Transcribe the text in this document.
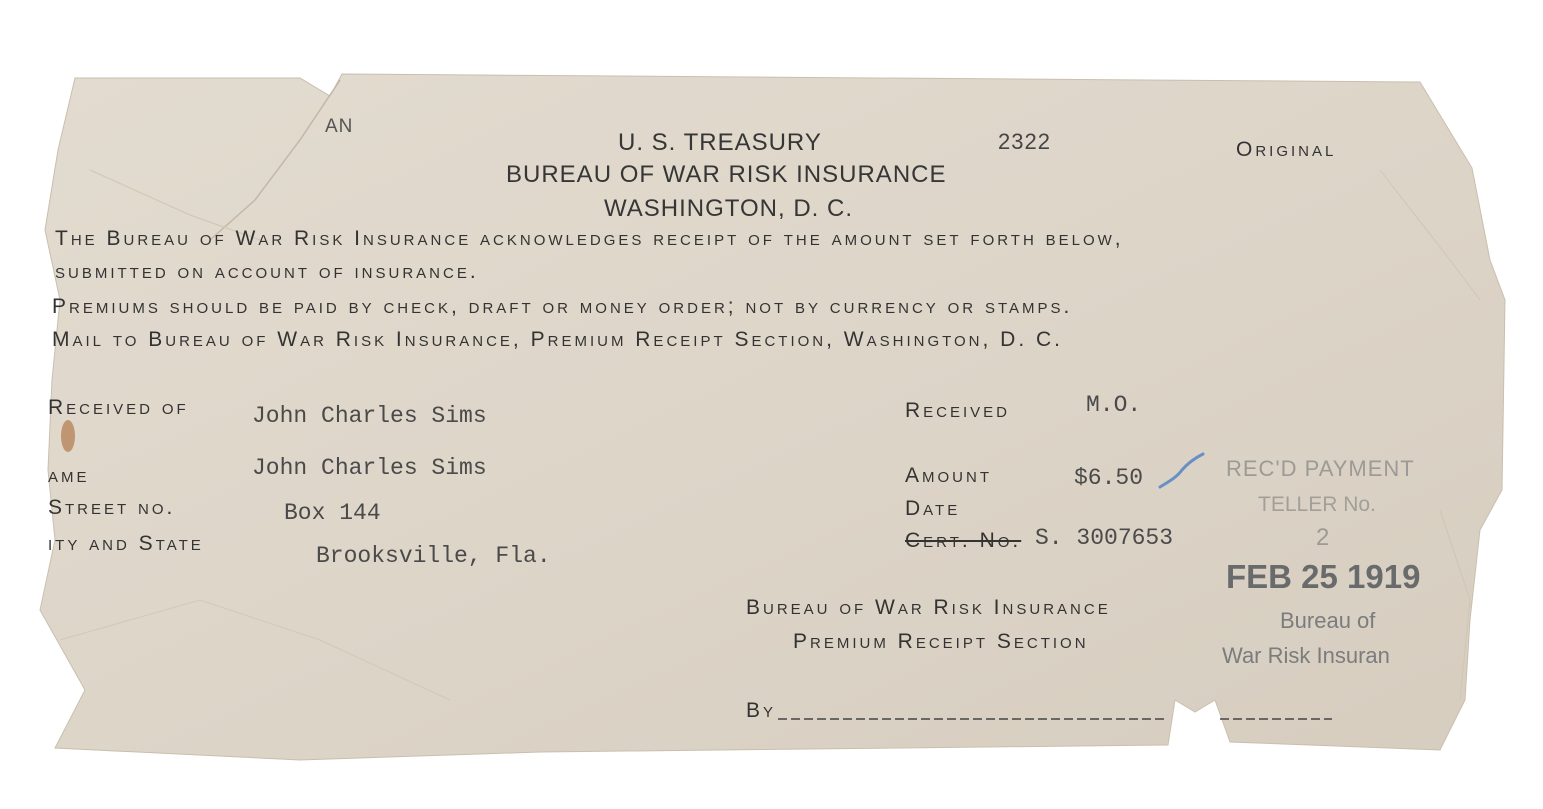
AN
U. S. TREASURY	2322	Original
BUREAU OF WAR RISK INSURANCE
WASHINGTON, D. C.
The Bureau of War Risk Insurance acknowledges receipt of the amount set forth below,
submitted on account of insurance.
Premiums should be paid by check, draft or money order; not by currency or stamps.
Mail to Bureau of War Risk Insurance, Premium Receipt Section, Washington, D. C.
Received of	John Charles Sims
ame	John Charles Sims
Street no.	Box 144
ity and State	Brooksville, Fla.
Received	M.O.
Amount	$6.50
Date
Cert. No. S. 3007653
Bureau of War Risk Insurance
Premium Receipt Section
By
REC'D PAYMENT
TELLER No.
2
FEB 25 1919
Bureau of
War Risk Insuran
